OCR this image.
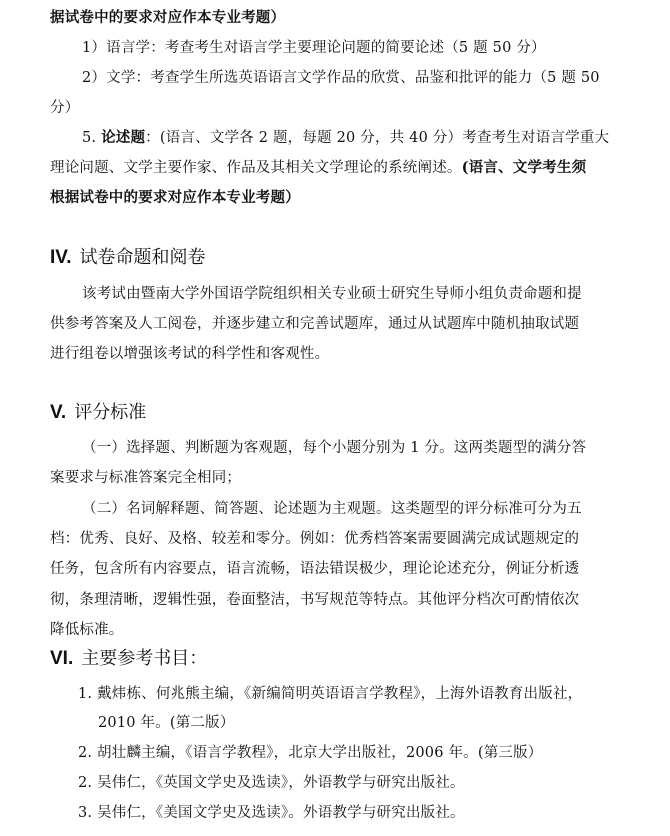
据试卷中的要求对应作本专业考题）
1）语言学：考查考生对语言学主要理论问题的简要论述（5 题 50 分）
2）文学：考查学生所选英语语言文学作品的欣赏、品鉴和批评的能力（5 题 50
分）
5. 论述题：(语言、文学各 2 题，每题 20 分，共 40 分）考查考生对语言学重大
理论问题、文学主要作家、作品及其相关文学理论的系统阐述。(语言、文学考生须
根据试卷中的要求对应作本专业考题）
IV. 试卷命题和阅卷
该考试由暨南大学外国语学院组织相关专业硕士研究生导师小组负责命题和提
供参考答案及人工阅卷，并逐步建立和完善试题库，通过从试题库中随机抽取试题
进行组卷以增强该考试的科学性和客观性。
V. 评分标准
（一）选择题、判断题为客观题，每个小题分别为 1 分。这两类题型的满分答
案要求与标准答案完全相同；
（二）名词解释题、简答题、论述题为主观题。这类题型的评分标准可分为五
档：优秀、良好、及格、较差和零分。例如：优秀档答案需要圆满完成试题规定的
任务，包含所有内容要点，语言流畅，语法错误极少，理论论述充分，例证分析透
彻，条理清晰，逻辑性强，卷面整洁，书写规范等特点。其他评分档次可酌情依次
降低标准。
VI. 主要参考书目：
1. 戴炜栋、何兆熊主编，《新编简明英语语言学教程》，上海外语教育出版社，
2010 年。(第二版）
2. 胡壮麟主编，《语言学教程》，北京大学出版社，2006 年。(第三版）
2. 吴伟仁，《英国文学史及选读》，外语教学与研究出版社。
3. 吴伟仁，《美国文学史及选读》。外语教学与研究出版社。
